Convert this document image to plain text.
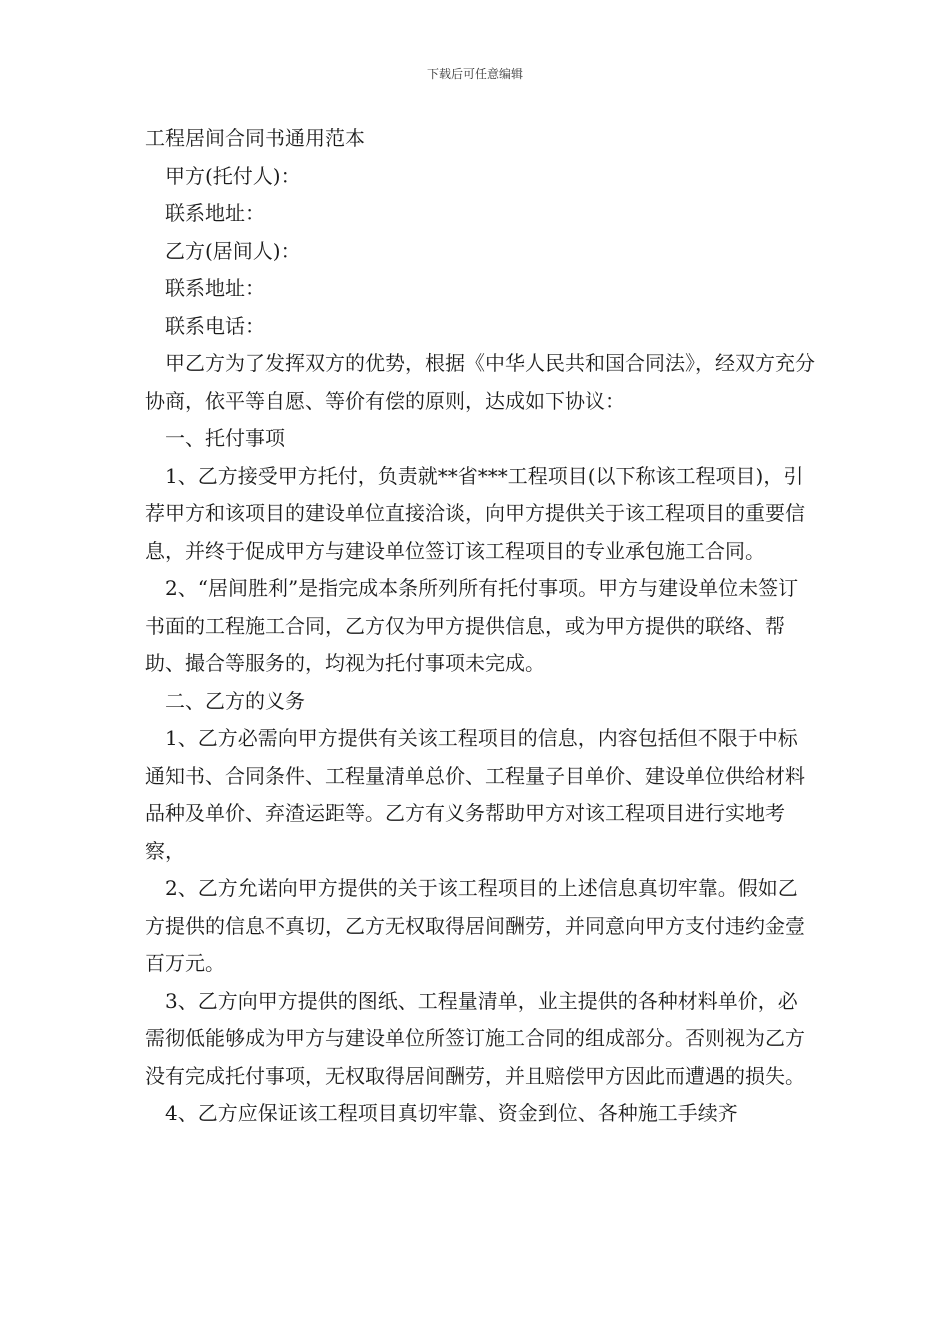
下载后可任意编辑

工程居间合同书通用范本

甲方(托付人)：

联系地址：

乙方(居间人)：

联系地址：

联系电话：

甲乙方为了发挥双方的优势，根据《中华人民共和国合同法》，经双方充分协商，依平等自愿、等价有偿的原则，达成如下协议：

一、托付事项

1、乙方接受甲方托付，负责就**省***工程项目(以下称该工程项目)，引荐甲方和该项目的建设单位直接洽谈，向甲方提供关于该工程项目的重要信息，并终于促成甲方与建设单位签订该工程项目的专业承包施工合同。

2、“居间胜利”是指完成本条所列所有托付事项。甲方与建设单位未签订书面的工程施工合同，乙方仅为甲方提供信息，或为甲方提供的联络、帮助、撮合等服务的，均视为托付事项未完成。

二、乙方的义务

1、乙方必需向甲方提供有关该工程项目的信息，内容包括但不限于中标通知书、合同条件、工程量清单总价、工程量子目单价、建设单位供给材料品种及单价、弃渣运距等。乙方有义务帮助甲方对该工程项目进行实地考察，

2、乙方允诺向甲方提供的关于该工程项目的上述信息真切牢靠。假如乙方提供的信息不真切，乙方无权取得居间酬劳，并同意向甲方支付违约金壹百万元。

3、乙方向甲方提供的图纸、工程量清单，业主提供的各种材料单价，必需彻低能够成为甲方与建设单位所签订施工合同的组成部分。否则视为乙方没有完成托付事项，无权取得居间酬劳，并且赔偿甲方因此而遭遇的损失。

4、乙方应保证该工程项目真切牢靠、资金到位、各种施工手续齐
